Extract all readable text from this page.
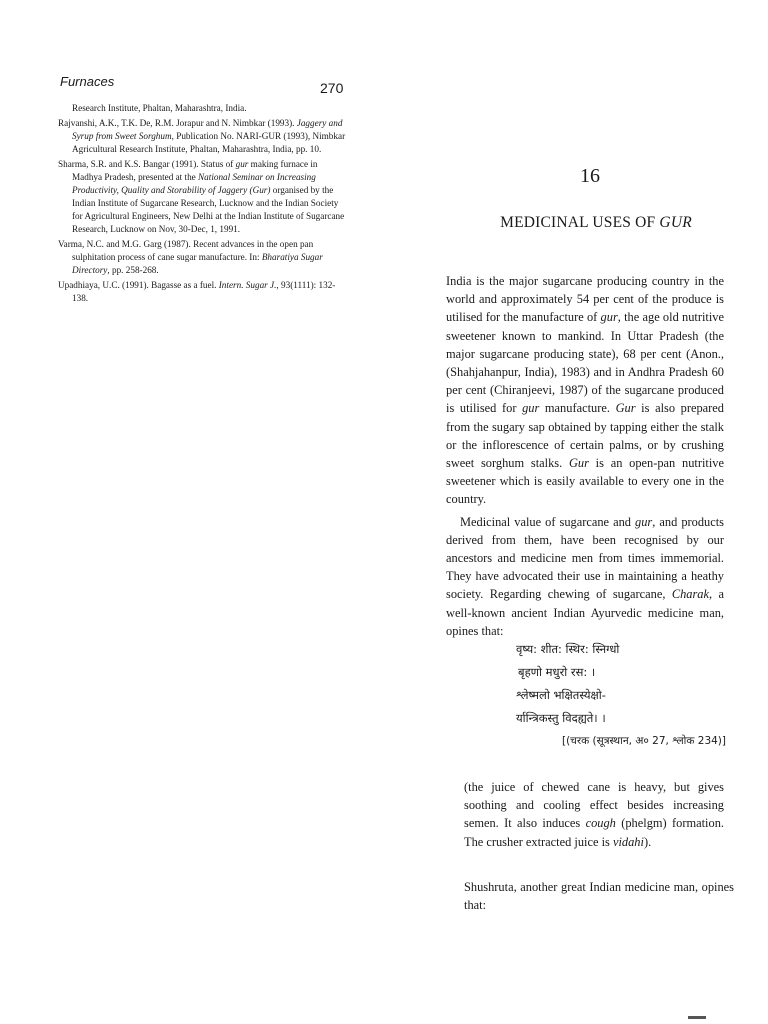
Furnaces	270

Research Institute, Phaltan, Maharashtra, India.

Rajvanshi, A.K., T.K. De, R.M. Jorapur and N. Nimbkar (1993). Jaggery and Syrup from Sweet Sorghum, Publication No. NARI-GUR (1993), Nimbkar Agricultural Research Institute, Phaltan, Maharashtra, India, pp. 10.

Sharma, S.R. and K.S. Bangar (1991). Status of gur making furnace in Madhya Pradesh, presented at the National Seminar on Increasing Productivity, Quality and Storability of Jaggery (Gur) organised by the Indian Institute of Sugarcane Research, Lucknow and the Indian Society for Agricultural Engineers, New Delhi at the Indian Institute of Sugarcane Research, Lucknow on Nov, 30-Dec, 1, 1991.

Varma, N.C. and M.G. Garg (1987). Recent advances in the open pan sulphitation process of cane sugar manufacture. In: Bharatiya Sugar Directory, pp. 258-268.

Upadhiaya, U.C. (1991). Bagasse as a fuel. Intern. Sugar J., 93(1111): 132-138.

16
MEDICINAL USES OF GUR

India is the major sugarcane producing country in the world and approximately 54 per cent of the produce is utilised for the manufacture of gur, the age old nutritive sweetener known to mankind. In Uttar Pradesh (the major sugarcane producing state), 68 per cent (Anon., (Shahjahanpur, India), 1983) and in Andhra Pradesh 60 per cent (Chiranjeevi, 1987) of the sugarcane produced is utilised for gur manufacture. Gur is also prepared from the sugary sap obtained by tapping either the stalk or the inflorescence of certain palms, or by crushing sweet sorghum stalks. Gur is an open-pan nutritive sweetener which is easily available to every one in the country.

Medicinal value of sugarcane and gur, and products derived from them, have been recognised by our ancestors and medicine men from times immemorial. They have advocated their use in maintaining a heathy society. Regarding chewing of sugarcane, Charak, a well-known ancient Indian Ayurvedic medicine man, opines that:

वृष्य: शीत: स्थिर: स्निग्धो
बृहणो मधुरो रस: ।
श्लेष्मलो भक्षितस्येक्षो-
र्यान्त्रिकस्तु विदह्यते। ।
[(चरक (सूत्रस्थान, अ० 27, श्लोक 234)]

(the juice of chewed cane is heavy, but gives soothing and cooling effect besides increasing semen. It also induces cough (phelgm) formation. The crusher extracted juice is vidahi).

Shushruta, another great Indian medicine man, opines that:
